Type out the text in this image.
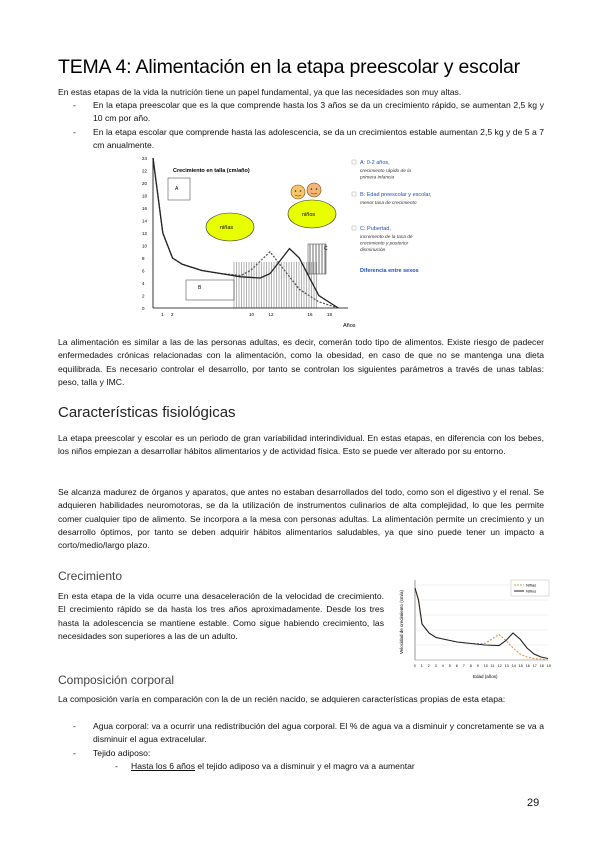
TEMA 4: Alimentación en la etapa preescolar y escolar

En estas etapas de la vida la nutrición tiene un papel fundamental, ya que las necesidades son muy altas.

- En la etapa preescolar que es la que comprende hasta los 3 años se da un crecimiento rápido, se aumentan 2,5 kg y 10 cm por año.

- En la etapa escolar que comprende hasta las adolescencia, se da un crecimientos estable aumentan 2,5 kg y de 5 a 7 cm anualmente.

24
22
20
18
16
14
12
10
8
6
4
2
0
1 2	10	12	16	18
Años
Crecimiento en talla (cm/año)
A
B
C
niñas
niños
A: 0-2 años,
crecimiento rápido de la
primera infancia
B: Edad preescolar y escolar,
menor tasa de crecimiento
C: Pubertad,
incremento de la tasa de
crecimiento y posterior
disminución
Diferencia entre sexos

La alimentación es similar a las de las personas adultas, es decir, comerán todo tipo de alimentos. Existe riesgo de padecer enfermedades crónicas relacionadas con la alimentación, como la obesidad, en caso de que no se mantenga una dieta equilibrada. Es necesario controlar el desarrollo, por tanto se controlan los siguientes parámetros a través de unas tablas: peso, talla y IMC.

Características fisiológicas

La etapa preescolar y escolar es un periodo de gran variabilidad interindividual. En estas etapas, en diferencia con los bebes, los niños empiezan a desarrollar hábitos alimentarios y de actividad física. Esto se puede ver alterado por su entorno.

Se alcanza madurez de órganos y aparatos, que antes no estaban desarrollados del todo, como son el digestivo y el renal. Se adquieren habilidades neuromotoras, se da la utilización de instrumentos culinarios de alta complejidad, lo que les permite comer cualquier tipo de alimento. Se incorpora a la mesa con personas adultas. La alimentación permite un crecimiento y un desarrollo óptimos, por tanto se deben adquirir hábitos alimentarios saludables, ya que sino puede tener un impacto a corto/medio/largo plazo.

Crecimiento

En esta etapa de la vida ocurre una desaceleración de la velocidad de crecimiento. El crecimiento rápido se da hasta los tres años aproximadamente. Desde los tres hasta la adolescencia se mantiene estable. Como sigue habiendo crecimiento, las necesidades son superiores a las de un adulto.

0 1 2 3 4 5 6 7 8 9 10 11 12 13 14 15 16 17 18 19
Velocidad de crecimiento (cm/a)
Edad (años)
Niñas
Niños
Composición corporal

La composición varía en comparación con la de un recién nacido, se adquieren características propias de esta etapa:

- Agua corporal: va a ocurrir una redistribución del agua corporal. El % de agua va a disminuir y concretamente se va a disminuir el agua extracelular.

- Tejido adiposo:

- Hasta los 6 años el tejido adiposo va a disminuir y el magro va a aumentar

29
